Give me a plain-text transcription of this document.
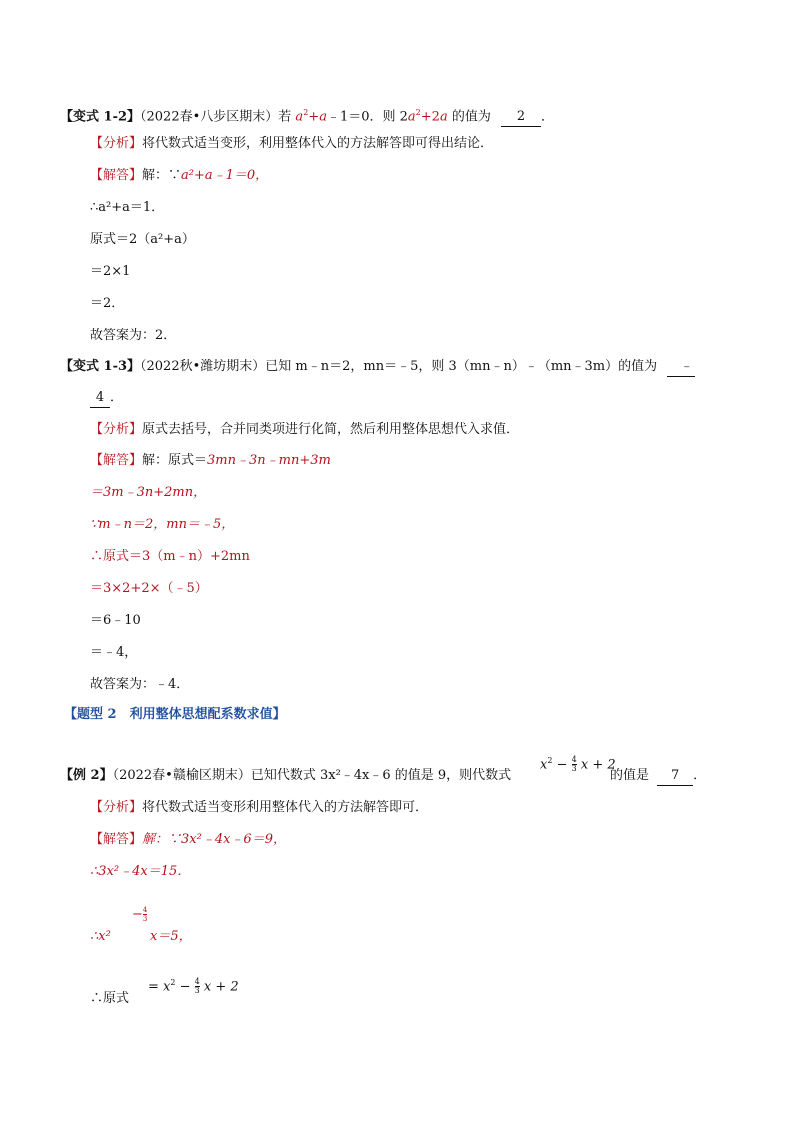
【变式 1-2】（2022春•八步区期末）若 $a^2+a﹣1=0$．则 $2a^2+2a$ 的值为 2 ．
【分析】将代数式适当变形，利用整体代入的方法解答即可得出结论．
【解答】解：∵a²+a﹣1＝0，
∴a²+a＝1．
原式＝2（a²+a）
＝2×1
＝2．
故答案为：2．
【变式 1-3】（2022秋•潍坊期末）已知 m﹣n＝2，mn＝﹣5，则 3（mn﹣n）﹣（mn﹣3m）的值为 ﹣
4 ．
【分析】原式去括号，合并同类项进行化简，然后利用整体思想代入求值．
【解答】解：原式＝3mn﹣3n﹣mn+3m
＝3m﹣3n+2mn，
∵m﹣n＝2，mn＝﹣5，
∴原式＝3（m﹣n）+2mn
＝3×2+2×（﹣5）
＝6﹣10
＝﹣4，
故答案为：﹣4．
【题型 2　利用整体思想配系数求值】
$x^2 - \frac{4}{3}$ x + 2
【例 2】（2022春•赣榆区期末）已知代数式 3x²﹣4x﹣6 的值是 9，则代数式	的值是 7 ．
【分析】将代数式适当变形利用整体代入的方法解答即可．
【解答】解：∵3x²﹣4x﹣6＝9，
∴3x²﹣4x＝15．
− $\frac{4}{3}$
∴x²	x＝5，
= $x^2 - \frac{4}{3}$ x + 2
∴原式
